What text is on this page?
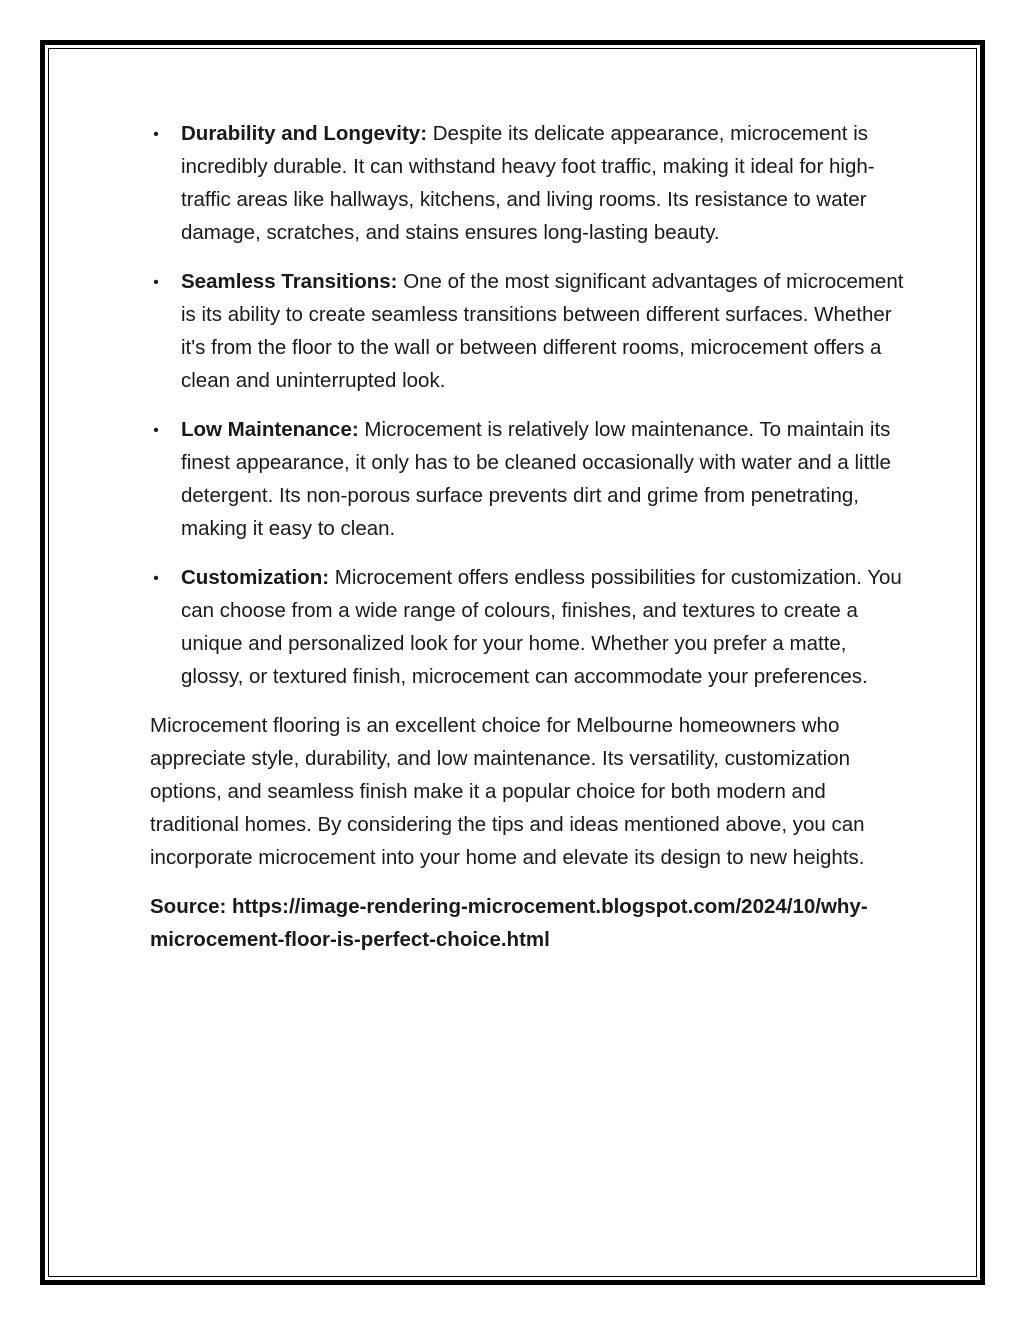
• Durability and Longevity: Despite its delicate appearance, microcement is incredibly durable. It can withstand heavy foot traffic, making it ideal for high-traffic areas like hallways, kitchens, and living rooms. Its resistance to water damage, scratches, and stains ensures long-lasting beauty.
• Seamless Transitions: One of the most significant advantages of microcement is its ability to create seamless transitions between different surfaces. Whether it's from the floor to the wall or between different rooms, microcement offers a clean and uninterrupted look.
• Low Maintenance: Microcement is relatively low maintenance. To maintain its finest appearance, it only has to be cleaned occasionally with water and a little detergent. Its non-porous surface prevents dirt and grime from penetrating, making it easy to clean.
• Customization: Microcement offers endless possibilities for customization. You can choose from a wide range of colours, finishes, and textures to create a unique and personalized look for your home. Whether you prefer a matte, glossy, or textured finish, microcement can accommodate your preferences.

Microcement flooring is an excellent choice for Melbourne homeowners who appreciate style, durability, and low maintenance. Its versatility, customization options, and seamless finish make it a popular choice for both modern and traditional homes. By considering the tips and ideas mentioned above, you can incorporate microcement into your home and elevate its design to new heights.

Source: https://image-rendering-microcement.blogspot.com/2024/10/why-microcement-floor-is-perfect-choice.html
